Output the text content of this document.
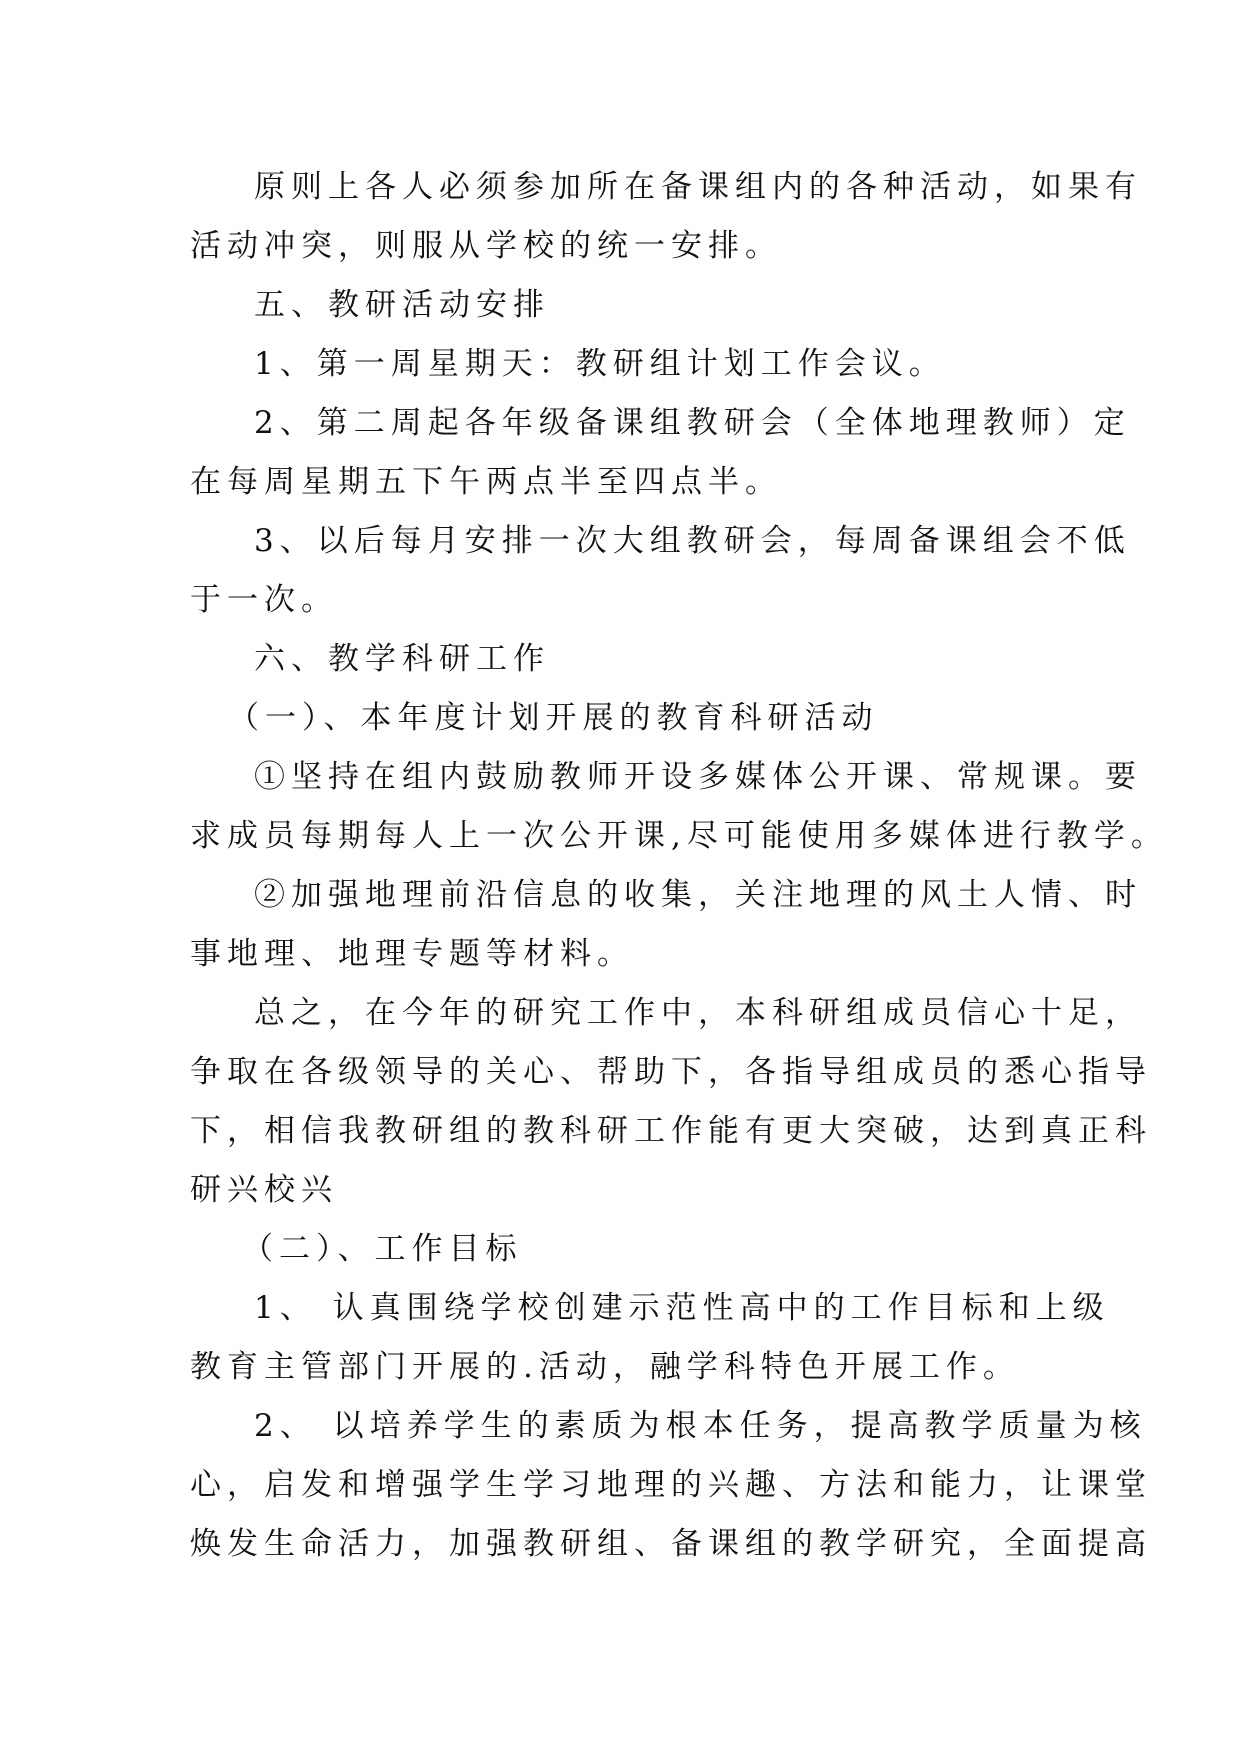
原则上各人必须参加所在备课组内的各种活动，如果有
活动冲突，则服从学校的统一安排。
五、教研活动安排
1、第一周星期天：教研组计划工作会议。
2、第二周起各年级备课组教研会（全体地理教师）定
在每周星期五下午两点半至四点半。
3、以后每月安排一次大组教研会，每周备课组会不低
于一次。
六、教学科研工作
（一）、本年度计划开展的教育科研活动
①坚持在组内鼓励教师开设多媒体公开课、常规课。要
求成员每期每人上一次公开课,尽可能使用多媒体进行教学。
②加强地理前沿信息的收集，关注地理的风土人情、时
事地理、地理专题等材料。
总之，在今年的研究工作中，本科研组成员信心十足，
争取在各级领导的关心、帮助下，各指导组成员的悉心指导
下，相信我教研组的教科研工作能有更大突破，达到真正科
研兴校兴
（二）、工作目标
1、 认真围绕学校创建示范性高中的工作目标和上级
教育主管部门开展的.活动，融学科特色开展工作。
2、 以培养学生的素质为根本任务，提高教学质量为核
心，启发和增强学生学习地理的兴趣、方法和能力，让课堂
焕发生命活力，加强教研组、备课组的教学研究，全面提高
